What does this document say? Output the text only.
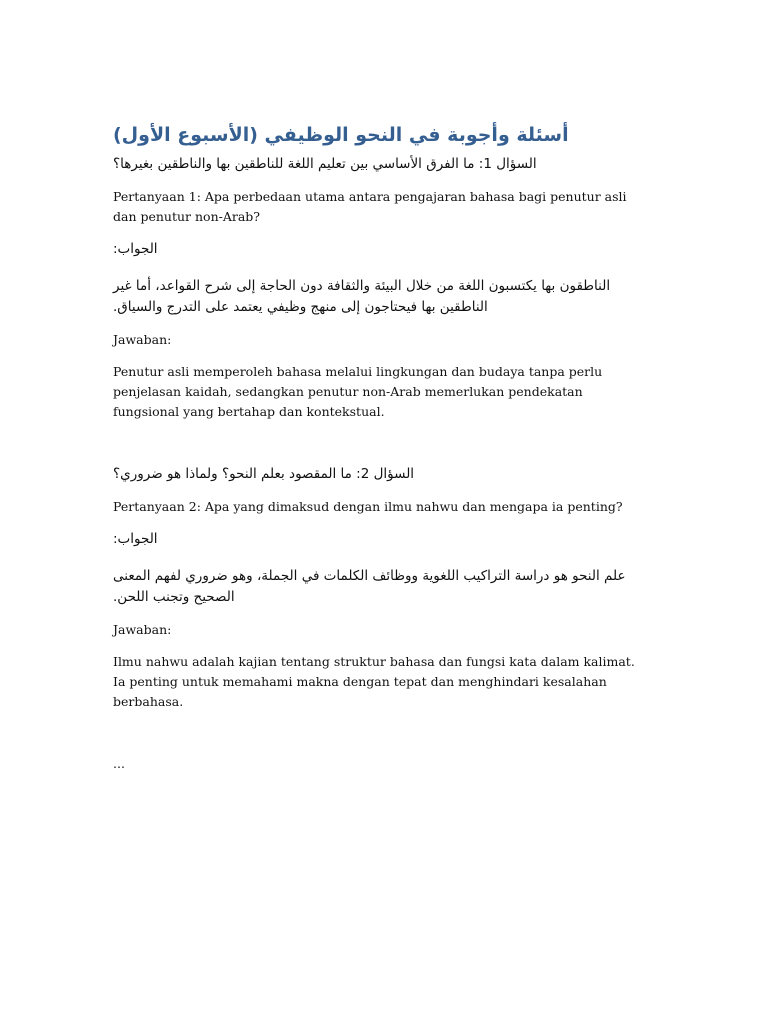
أسئلة وأجوبة في النحو الوظيفي (الأسبوع الأول)

السؤال 1: ما الفرق الأساسي بين تعليم اللغة للناطقين بها والناطقين بغيرها؟

Pertanyaan 1: Apa perbedaan utama antara pengajaran bahasa bagi penutur asli dan penutur non-Arab?

الجواب:

الناطقون بها يكتسبون اللغة من خلال البيئة والثقافة دون الحاجة إلى شرح القواعد، أما غير الناطقين بها فيحتاجون إلى منهج وظيفي يعتمد على التدرج والسياق.

Jawaban:

Penutur asli memperoleh bahasa melalui lingkungan dan budaya tanpa perlu penjelasan kaidah, sedangkan penutur non-Arab memerlukan pendekatan fungsional yang bertahap dan kontekstual.

السؤال 2: ما المقصود بعلم النحو؟ ولماذا هو ضروري؟

Pertanyaan 2: Apa yang dimaksud dengan ilmu nahwu dan mengapa ia penting?

الجواب:

علم النحو هو دراسة التراكيب اللغوية ووظائف الكلمات في الجملة، وهو ضروري لفهم المعنى الصحيح وتجنب اللحن.

Jawaban:

Ilmu nahwu adalah kajian tentang struktur bahasa dan fungsi kata dalam kalimat. Ia penting untuk memahami makna dengan tepat dan menghindari kesalahan berbahasa.

...
